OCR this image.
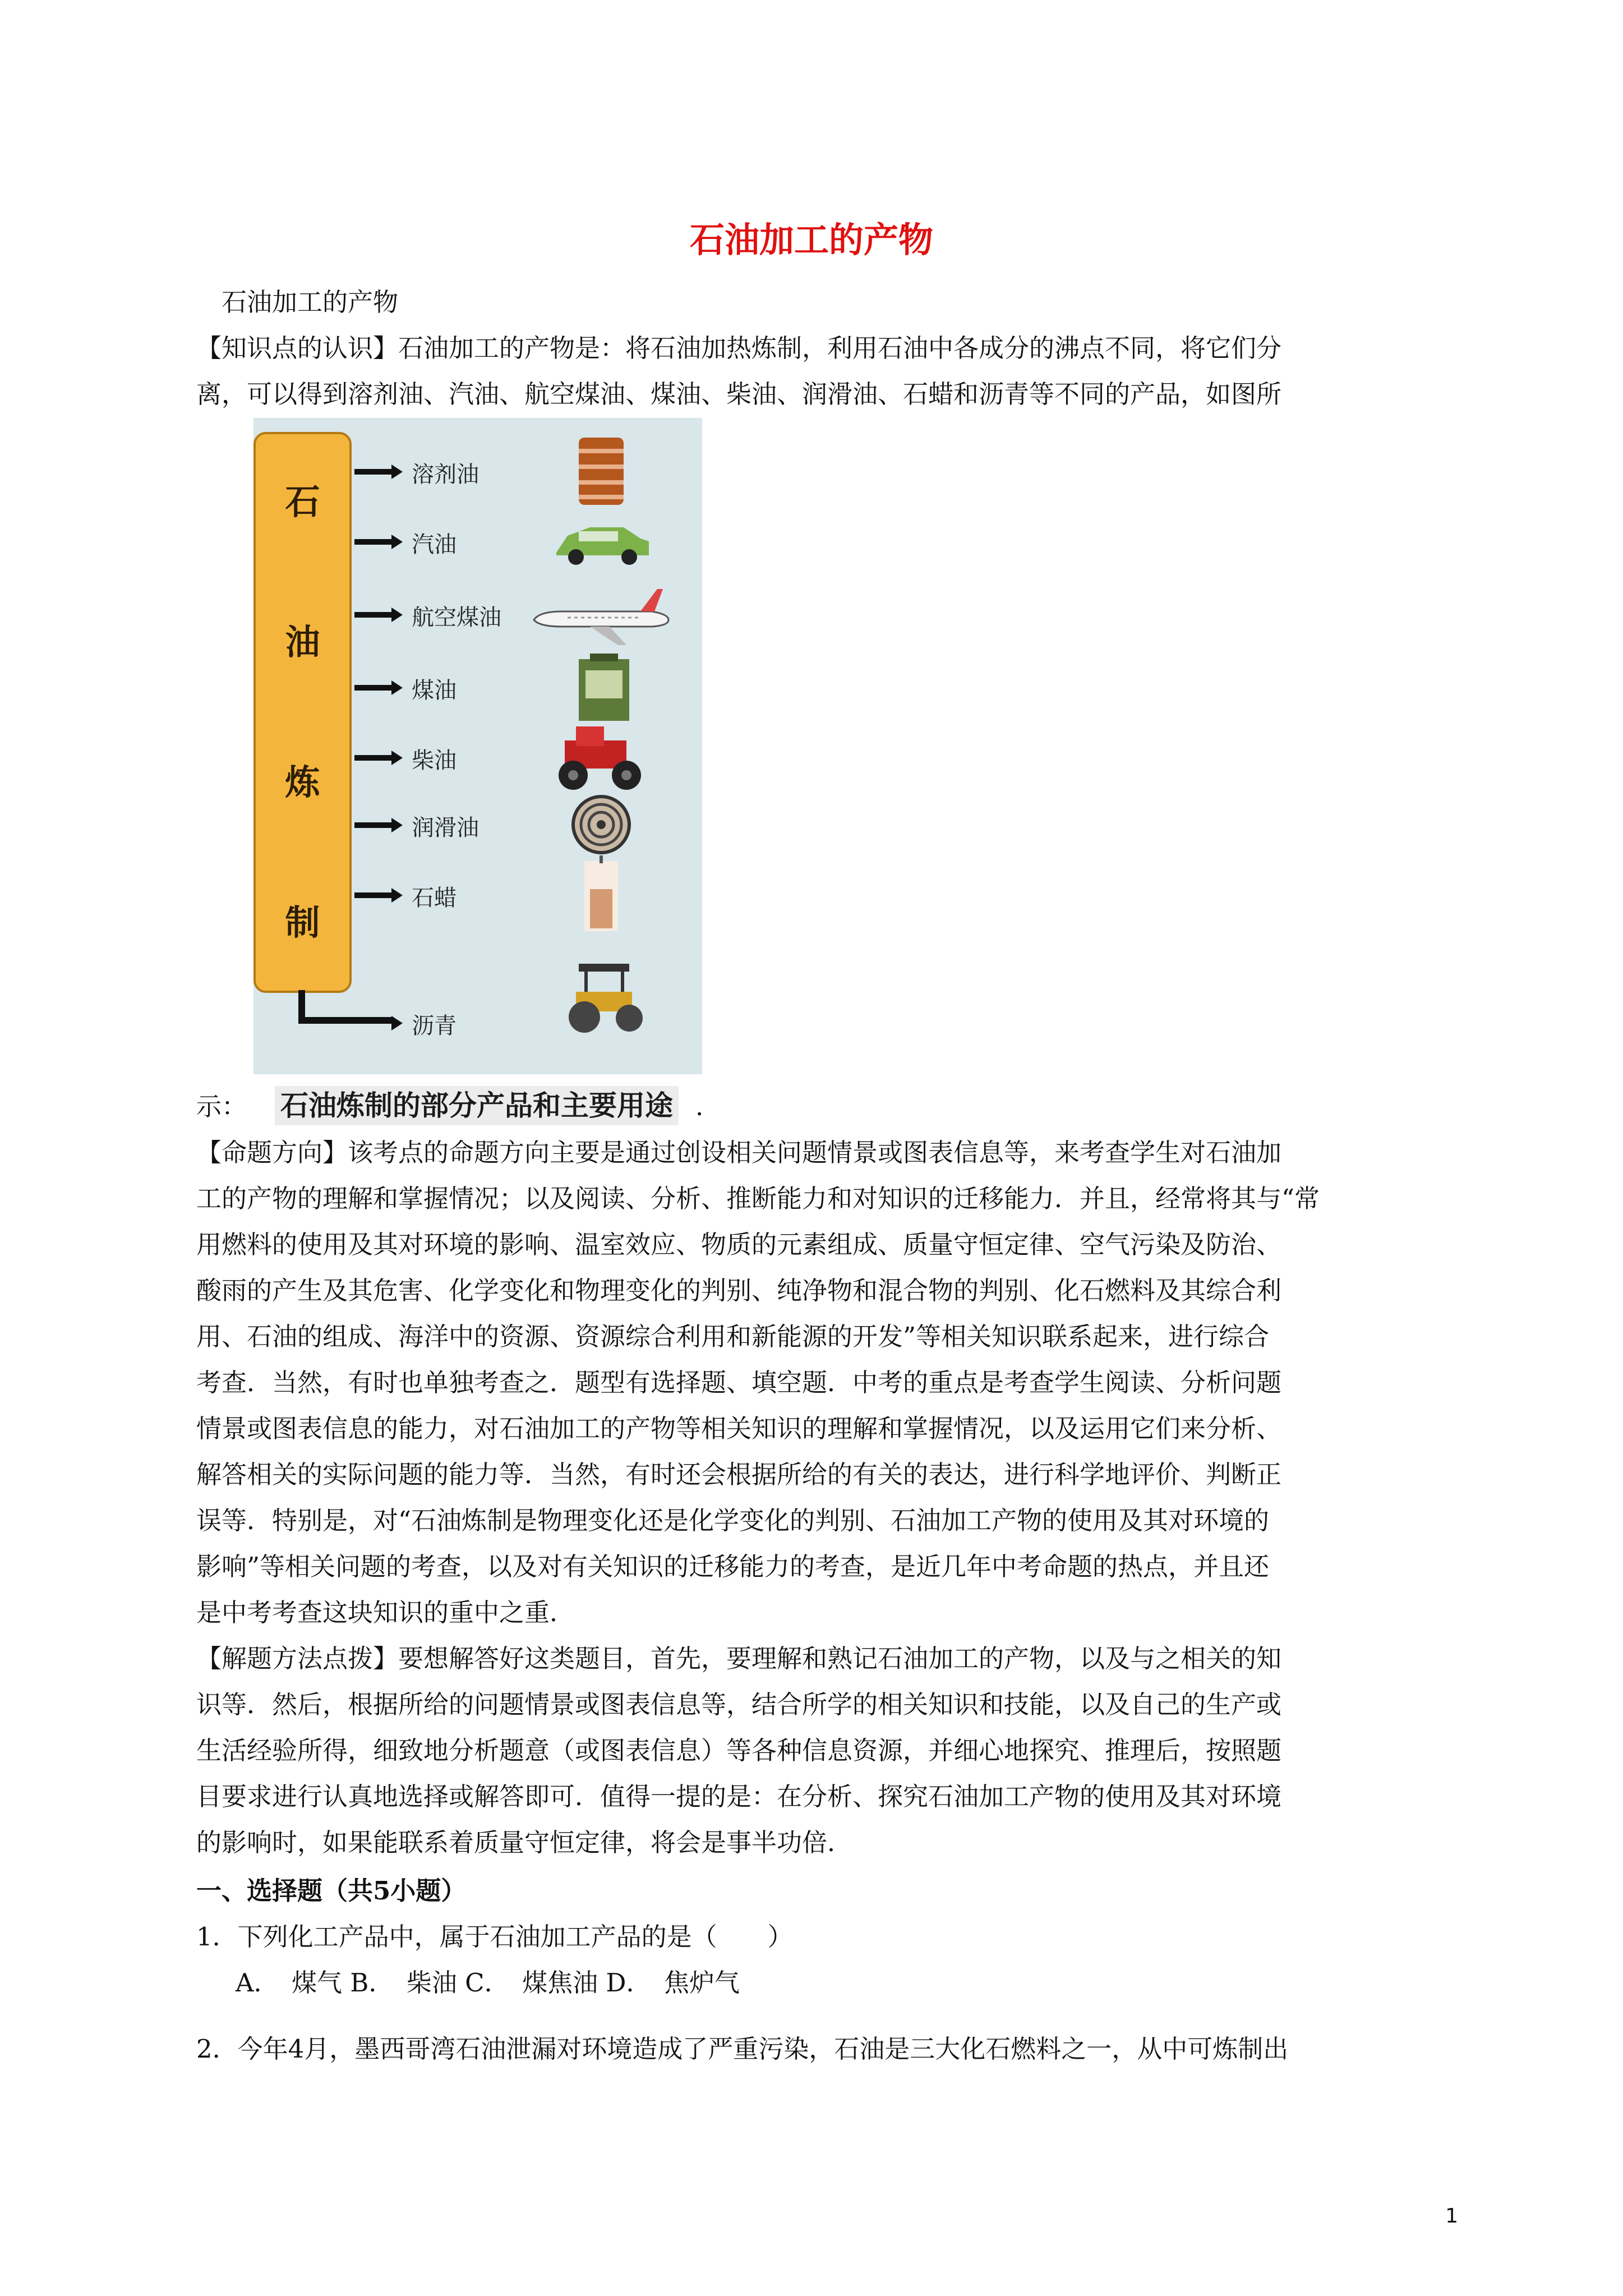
石油加工的产物
石油加工的产物
【知识点的认识】石油加工的产物是：将石油加热炼制，利用石油中各成分的沸点不同，将它们分
离，可以得到溶剂油、汽油、航空煤油、煤油、柴油、润滑油、石蜡和沥青等不同的产品，如图所
石
油
炼
制
溶剂油
汽油
航空煤油
煤油
柴油
润滑油
石蜡
沥青
示： 石油炼制的部分产品和主要用途 .
【命题方向】该考点的命题方向主要是通过创设相关问题情景或图表信息等，来考查学生对石油加
工的产物的理解和掌握情况；以及阅读、分析、推断能力和对知识的迁移能力．并且，经常将其与“常
用燃料的使用及其对环境的影响、温室效应、物质的元素组成、质量守恒定律、空气污染及防治、
酸雨的产生及其危害、化学变化和物理变化的判别、纯净物和混合物的判别、化石燃料及其综合利
用、石油的组成、海洋中的资源、资源综合利用和新能源的开发”等相关知识联系起来，进行综合
考查．当然，有时也单独考查之．题型有选择题、填空题．中考的重点是考查学生阅读、分析问题
情景或图表信息的能力，对石油加工的产物等相关知识的理解和掌握情况，以及运用它们来分析、
解答相关的实际问题的能力等．当然，有时还会根据所给的有关的表达，进行科学地评价、判断正
误等．特别是，对“石油炼制是物理变化还是化学变化的判别、石油加工产物的使用及其对环境的
影响”等相关问题的考查，以及对有关知识的迁移能力的考查，是近几年中考命题的热点，并且还
是中考考查这块知识的重中之重．
【解题方法点拨】要想解答好这类题目，首先，要理解和熟记石油加工的产物，以及与之相关的知
识等．然后，根据所给的问题情景或图表信息等，结合所学的相关知识和技能，以及自己的生产或
生活经验所得，细致地分析题意（或图表信息）等各种信息资源，并细心地探究、推理后，按照题
目要求进行认真地选择或解答即可．值得一提的是：在分析、探究石油加工产物的使用及其对环境
的影响时，如果能联系着质量守恒定律，将会是事半功倍．
一、选择题（共5小题）
1．下列化工产品中，属于石油加工产品的是（　　）
A．　煤气 B．　柴油 C．　煤焦油 D．　焦炉气
2．今年4月，墨西哥湾石油泄漏对环境造成了严重污染，石油是三大化石燃料之一，从中可炼制出
1
